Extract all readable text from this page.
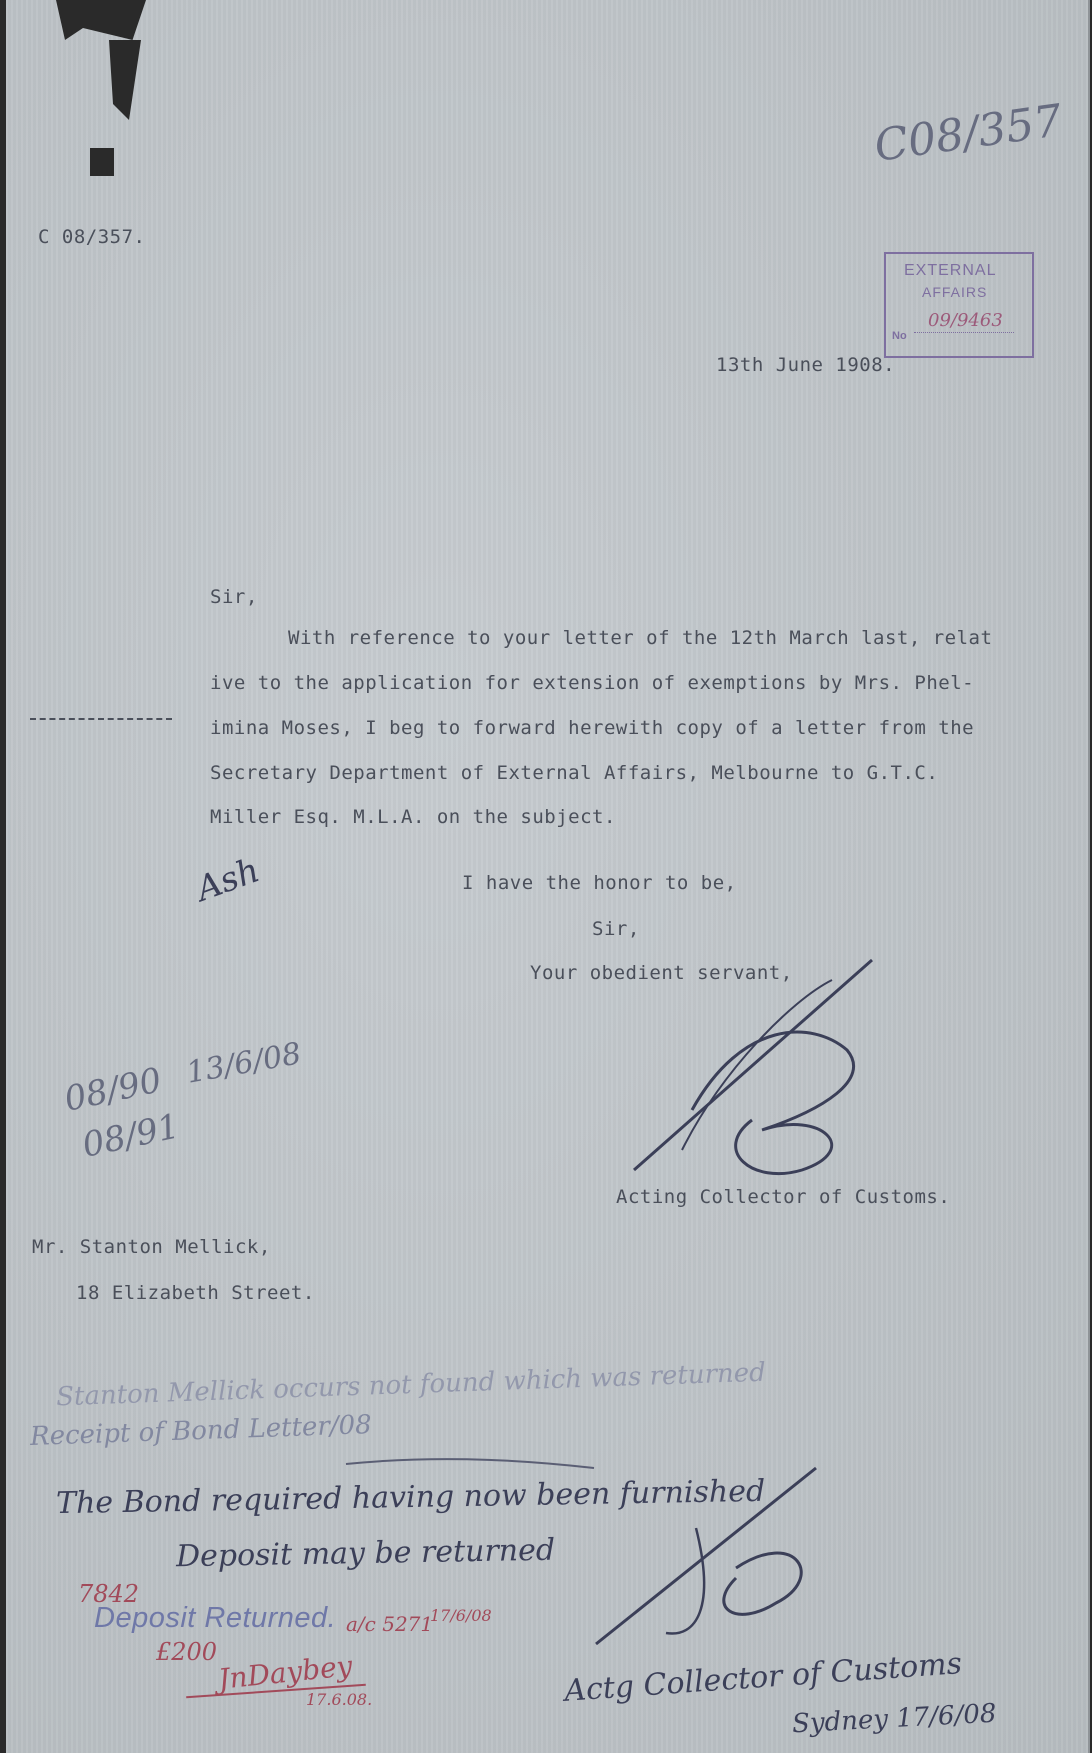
C08/357
C 08/357.
EXTERNAL
AFFAIRS
09/9463
No
13th June 1908.
Sir,
With reference to your letter of the 12th March last, relat
ive to the application for extension of exemptions by Mrs. Phel-
imina Moses, I beg to forward herewith copy of a letter from the
Secretary Department of External Affairs, Melbourne to G.T.C.
Miller Esq. M.L.A. on the subject.
I have the honor to be,
Sir,
Your obedient servant,
Ash
08/90
08/91
13/6/08
Acting Collector of Customs.
Mr. Stanton Mellick,
18 Elizabeth Street.
Stanton Mellick occurs not found which was returned
Receipt of Bond Letter/08
The Bond required having now been furnished
Deposit may be returned
7842
Deposit Returned. a/c 5271
17/6/08
£200 JnDaybey
17.6.08.	Actg Collector of Customs
Sydney 17/6/08
